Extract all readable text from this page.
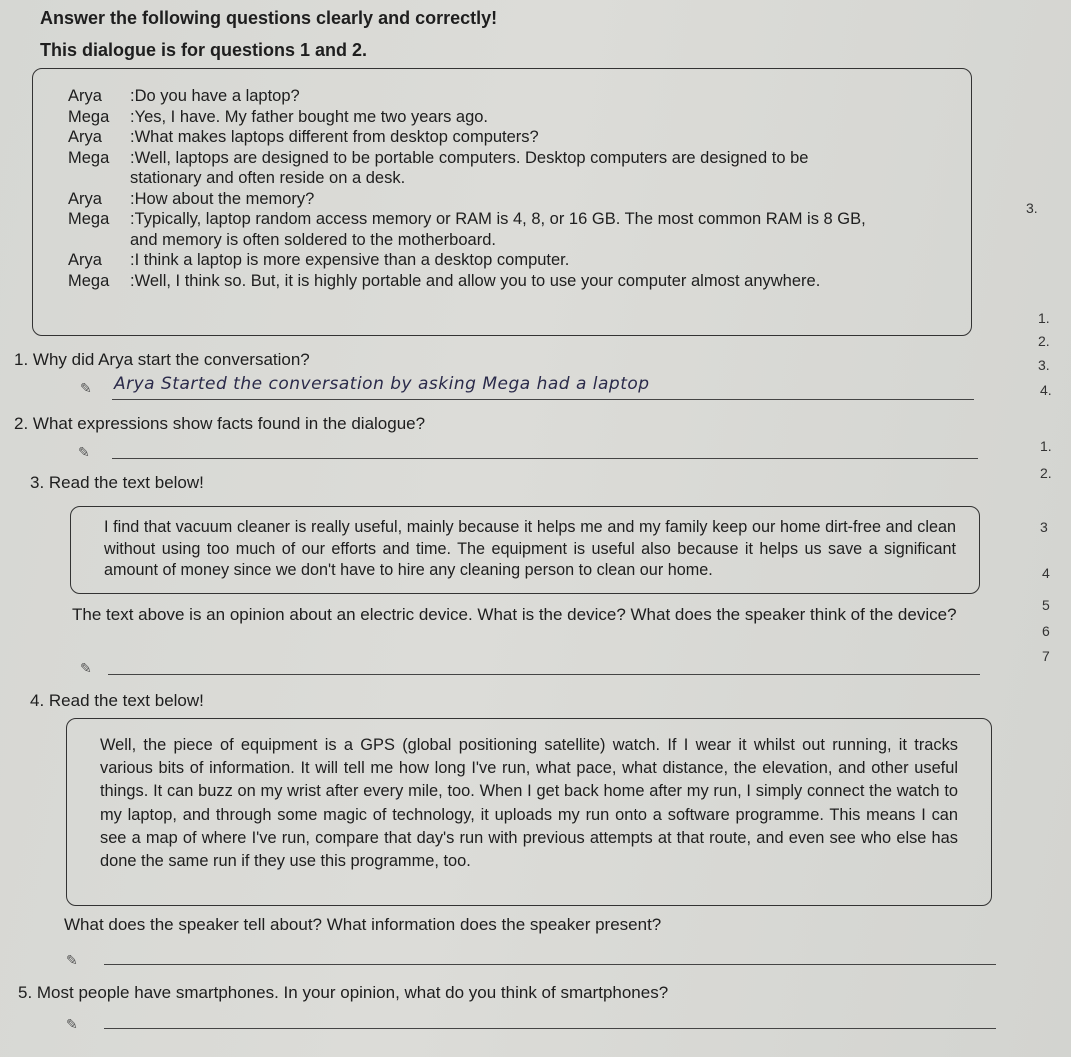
Answer the following questions clearly and correctly!
This dialogue is for questions 1 and 2.
Arya	: Do you have a laptop?
Mega	: Yes, I have. My father bought me two years ago.
Arya	: What makes laptops different from desktop computers?
Mega	: Well, laptops are designed to be portable computers. Desktop computers are designed to be
stationary and often reside on a desk.
Arya	: How about the memory?
Mega	: Typically, laptop random access memory or RAM is 4, 8, or 16 GB. The most common RAM is 8 GB,
and memory is often soldered to the motherboard.
Arya	: I think a laptop is more expensive than a desktop computer.
Mega	: Well, I think so. But, it is highly portable and allow you to use your computer almost anywhere.
1. Why did Arya start the conversation?
✎ Arya Started the conversation by asking Mega had a laptop
2. What expressions show facts found in the dialogue?
✎
3. Read the text below!
I find that vacuum cleaner is really useful, mainly because it helps me and my family keep our home dirt-free and clean without using too much of our efforts and time. The equipment is useful also because it helps us save a significant amount of money since we don't have to hire any cleaning person to clean our home.
The text above is an opinion about an electric device. What is the device? What does the speaker think of the device?
✎
4. Read the text below!
Well, the piece of equipment is a GPS (global positioning satellite) watch. If I wear it whilst out running, it tracks various bits of information. It will tell me how long I've run, what pace, what distance, the elevation, and other useful things. It can buzz on my wrist after every mile, too. When I get back home after my run, I simply connect the watch to my laptop, and through some magic of technology, it uploads my run onto a software programme. This means I can see a map of where I've run, compare that day's run with previous attempts at that route, and even see who else has done the same run if they use this programme, too.
What does the speaker tell about? What information does the speaker present?
✎
5. Most people have smartphones. In your opinion, what do you think of smartphones?
✎
3.
1.
2.
3.
4.
1.
2.
3
4
5
6
7
